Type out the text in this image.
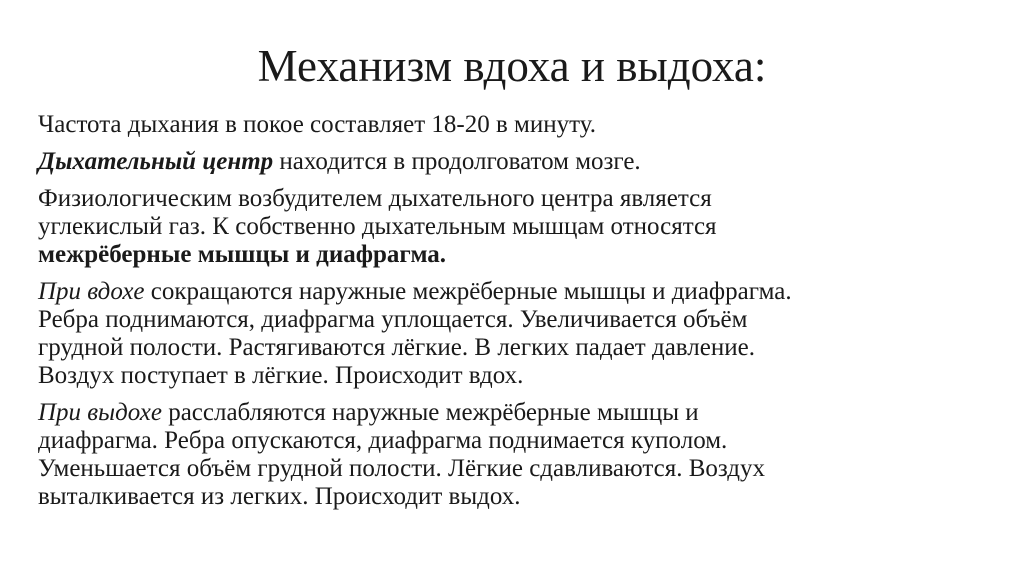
Механизм вдоха и выдоха:
Частота дыхания в покое составляет 18-20 в минуту.
Дыхательный центр находится в продолговатом мозге.
Физиологическим возбудителем дыхательного центра является
углекислый газ. К собственно дыхательным мышцам относятся
межрёберные мышцы и диафрагма.
При вдохе сокращаются наружные межрёберные мышцы и диафрагма.
Ребра поднимаются, диафрагма уплощается. Увеличивается объём
грудной полости. Растягиваются лёгкие. В легких падает давление.
Воздух поступает в лёгкие. Происходит вдох.
При выдохе расслабляются наружные межрёберные мышцы и
диафрагма. Ребра опускаются, диафрагма поднимается куполом.
Уменьшается объём грудной полости. Лёгкие сдавливаются. Воздух
выталкивается из легких. Происходит выдох.
